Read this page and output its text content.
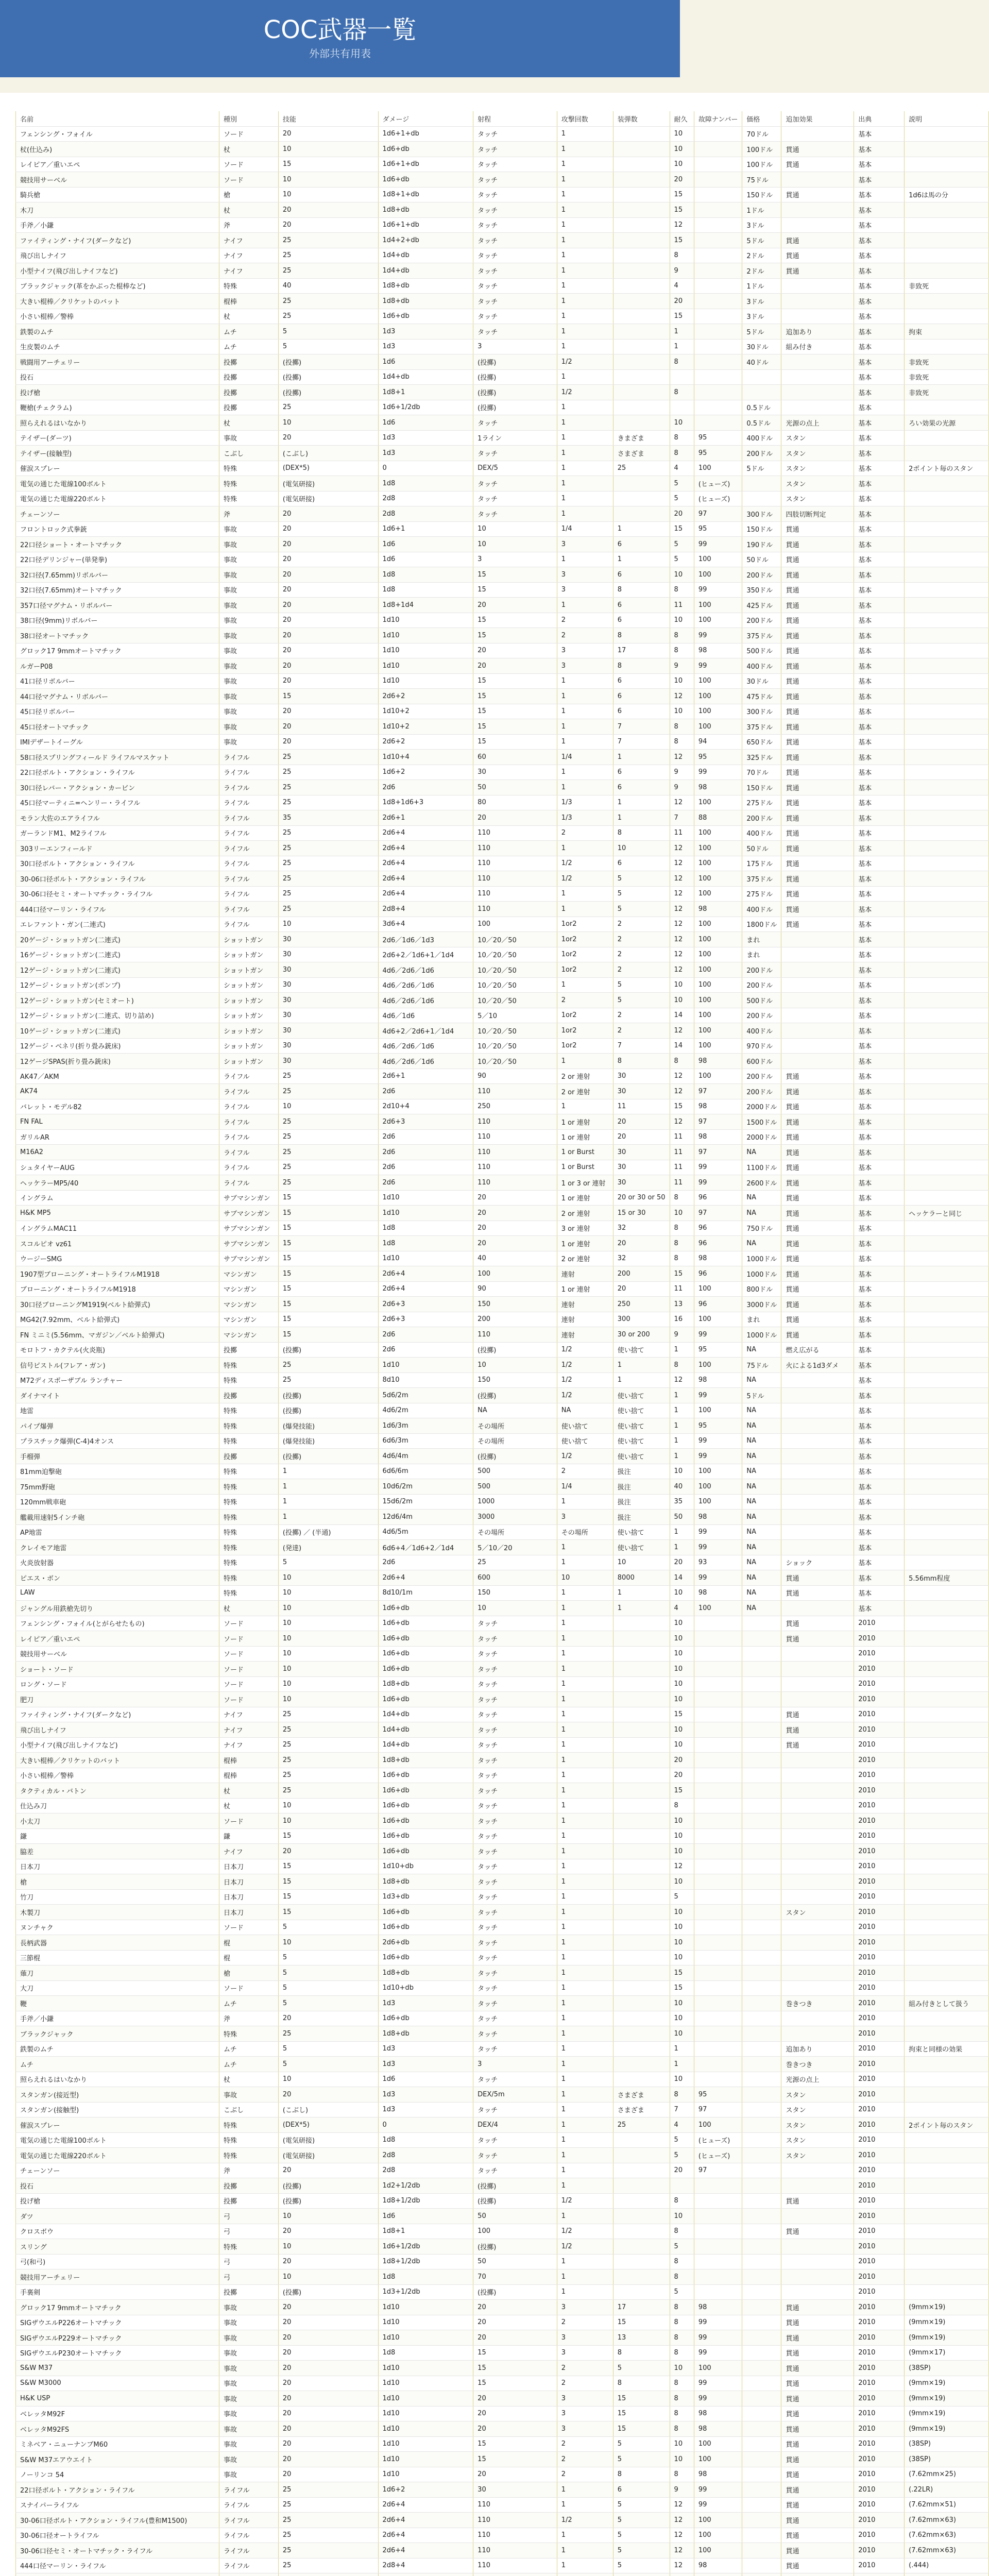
COC武器一覧
外部共有用表
名前	種別	技能	ダメージ	射程	攻撃回数	装弾数	耐久	故障ナンバー	価格	追加効果	出典	説明
フェンシング・フォイル	ソード	20	1d6+1+db	タッチ	1		10		70ドル		基本	
杖(仕込み)	杖	10	1d6+db	タッチ	1		10		100ドル	貫通	基本	
レイピア／重いエペ	ソード	15	1d6+1+db	タッチ	1		10		100ドル	貫通	基本	
競技用サーベル	ソード	10	1d6+db	タッチ	1		20		75ドル		基本	
騎兵槍	槍	10	1d8+1+db	タッチ	1		15		150ドル	貫通	基本	1d6は馬の分
木刀	杖	20	1d8+db	タッチ	1		15		1ドル		基本	
手斧／小鎌	斧	20	1d6+1+db	タッチ	1		12		3ドル		基本	
ファイティング・ナイフ(ダークなど)	ナイフ	25	1d4+2+db	タッチ	1		15		5ドル	貫通	基本	
飛び出しナイフ	ナイフ	25	1d4+db	タッチ	1		8		2ドル	貫通	基本	
小型ナイフ(飛び出しナイフなど)	ナイフ	25	1d4+db	タッチ	1		9		2ドル	貫通	基本	
ブラックジャック(革をかぶった棍棒など)	特殊	40	1d8+db	タッチ	1		4		1ドル		基本	非致死
大きい棍棒／クリケットのバット	棍棒	25	1d8+db	タッチ	1		20		3ドル		基本	
小さい棍棒／警棒	杖	25	1d6+db	タッチ	1		15		3ドル		基本	
鉄製のムチ	ムチ	5	1d3	タッチ	1		1		5ドル	追加あり	基本	拘束
生皮製のムチ	ムチ	5	1d3	3	1		1		30ドル	組み付き	基本	
戦闘用アーチェリー	投擲	(投擲)	1d6	(投擲)	1/2		8		40ドル		基本	非致死
投石	投擲	(投擲)	1d4+db	(投擲)	1						基本	非致死
投げ槍	投擲	(投擲)	1d8+1	(投擲)	1/2		8				基本	非致死
鞭槍(チェクラム)	投擲	25	1d6+1/2db	(投擲)	1				0.5ドル		基本	
照らえれるはいなかり	杖	10	1d6	タッチ	1		10		0.5ドル	光源の点上	基本	ろい効果の光源
テイザー(ダーツ)	事故	20	1d3	1ライン	1	きまざま	8	95	400ドル	スタン	基本	
テイザー(接触型)	こぶし	(こぶし)	1d3	タッチ	1	さまざま	8	95	200ドル	スタン	基本	
催涙スプレー	特殊	(DEX*5)	0	DEX/5	1	25	4	100	5ドル	スタン	基本	2ポイント毎のスタン
電気の通じた電線100ボルト	特殊	(電気研接)	1d8	タッチ	1		5	(ヒューズ)		スタン	基本	
電気の通じた電線220ボルト	特殊	(電気研接)	2d8	タッチ	1		5	(ヒューズ)		スタン	基本	
チェーンソー	斧	20	2d8	タッチ	1		20	97	300ドル	四肢切断判定	基本	
フロントロック式拳銃	事故	20	1d6+1	10	1/4	1	15	95	150ドル	貫通	基本	
22口径ショート・オートマチック	事故	20	1d6	10	3	6	5	99	190ドル	貫通	基本	
22口径デリンジャー(単発拳)	事故	20	1d6	3	1	1	5	100	50ドル	貫通	基本	
32口径(7.65mm)リボルバー	事故	20	1d8	15	3	6	10	100	200ドル	貫通	基本	
32口径(7.65mm)オートマチック	事故	20	1d8	15	3	8	8	99	350ドル	貫通	基本	
357口径マグナム・リボルバー	事故	20	1d8+1d4	20	1	6	11	100	425ドル	貫通	基本	
38口径(9mm)リボルバー	事故	20	1d10	15	2	6	10	100	200ドル	貫通	基本	
38口径オートマチック	事故	20	1d10	15	2	8	8	99	375ドル	貫通	基本	
グロック17 9mmオートマチック	事故	20	1d10	20	3	17	8	98	500ドル	貫通	基本	
ルガーP08	事故	20	1d10	20	3	8	9	99	400ドル	貫通	基本	
41口径リボルバー	事故	20	1d10	15	1	6	10	100	30ドル	貫通	基本	
44口径マグナム・リボルバー	事故	15	2d6+2	15	1	6	12	100	475ドル	貫通	基本	
45口径リボルバー	事故	20	1d10+2	15	1	6	10	100	300ドル	貫通	基本	
45口径オートマチック	事故	20	1d10+2	15	1	7	8	100	375ドル	貫通	基本	
IMIデザートイーグル	事故	20	2d6+2	15	1	7	8	94	650ドル	貫通	基本	
58口径スプリングフィールド ライフルマスケット	ライフル	25	1d10+4	60	1/4	1	12	95	325ドル	貫通	基本	
22口径ボルト・アクション・ライフル	ライフル	25	1d6+2	30	1	6	9	99	70ドル	貫通	基本	
30口径レバー・アクション・カービン	ライフル	25	2d6	50	1	6	9	98	150ドル	貫通	基本	
45口径マーティニ=ヘンリー・ライフル	ライフル	25	1d8+1d6+3	80	1/3	1	12	100	275ドル	貫通	基本	
モラン大佐のエアライフル	ライフル	35	2d6+1	20	1/3	1	7	88	200ドル	貫通	基本	
ガーランドM1、M2ライフル	ライフル	25	2d6+4	110	2	8	11	100	400ドル	貫通	基本	
303リーエンフィールド	ライフル	25	2d6+4	110	1	10	12	100	50ドル	貫通	基本	
30口径ボルト・アクション・ライフル	ライフル	25	2d6+4	110	1/2	6	12	100	175ドル	貫通	基本	
30-06口径ボルト・アクション・ライフル	ライフル	25	2d6+4	110	1/2	5	12	100	375ドル	貫通	基本	
30-06口径セミ・オートマチック・ライフル	ライフル	25	2d6+4	110	1	5	12	100	275ドル	貫通	基本	
444口径マーリン・ライフル	ライフル	25	2d8+4	110	1	5	12	98	400ドル	貫通	基本	
エレファント・ガン(二連式)	ライフル	10	3d6+4	100	1or2	2	12	100	1800ドル	貫通	基本	
20ゲージ・ショットガン(二連式)	ショットガン	30	2d6／1d6／1d3	10／20／50	1or2	2	12	100	まれ		基本	
16ゲージ・ショットガン(二連式)	ショットガン	30	2d6+2／1d6+1／1d4	10／20／50	1or2	2	12	100	まれ		基本	
12ゲージ・ショットガン(二連式)	ショットガン	30	4d6／2d6／1d6	10／20／50	1or2	2	12	100	200ドル		基本	
12ゲージ・ショットガン(ポンプ)	ショットガン	30	4d6／2d6／1d6	10／20／50	1	5	10	100	200ドル		基本	
12ゲージ・ショットガン(セミオート)	ショットガン	30	4d6／2d6／1d6	10／20／50	2	5	10	100	500ドル		基本	
12ゲージ・ショットガン(二連式、切り詰め)	ショットガン	30	4d6／1d6	5／10	1or2	2	14	100	200ドル		基本	
10ゲージ・ショットガン(二連式)	ショットガン	30	4d6+2／2d6+1／1d4	10／20／50	1or2	2	12	100	400ドル		基本	
12ゲージ・ベネリ(折り畳み銃床)	ショットガン	30	4d6／2d6／1d6	10／20／50	1or2	7	14	100	970ドル		基本	
12ゲージSPAS(折り畳み銃床)	ショットガン	30	4d6／2d6／1d6	10／20／50	1	8	8	98	600ドル		基本	
AK47／AKM	ライフル	25	2d6+1	90	2 or 連射	30	12	100	200ドル	貫通	基本	
AK74	ライフル	25	2d6	110	2 or 連射	30	12	97	200ドル	貫通	基本	
バレット・モデル82	ライフル	10	2d10+4	250	1	11	15	98	2000ドル	貫通	基本	
FN FAL	ライフル	25	2d6+3	110	1 or 連射	20	12	97	1500ドル	貫通	基本	
ガリルAR	ライフル	25	2d6	110	1 or 連射	20	11	98	2000ドル	貫通	基本	
M16A2	ライフル	25	2d6	110	1 or Burst	30	11	97	NA	貫通	基本	
シュタイヤーAUG	ライフル	25	2d6	110	1 or Burst	30	11	99	1100ドル	貫通	基本	
ヘッケラーMP5/40	ライフル	25	2d6	110	1 or 3 or 連射	30	11	99	2600ドル	貫通	基本	
イングラム	サブマシンガン	15	1d10	20	1 or 連射	20 or 30 or 50	8	96	NA	貫通	基本	
H&K MP5	サブマシンガン	15	1d10	20	2 or 連射	15 or 30	10	97	NA	貫通	基本	ヘッケラーと同じ
イングラムMAC11	サブマシンガン	15	1d8	20	3 or 連射	32	8	96	750ドル	貫通	基本	
スコルピオ vz61	サブマシンガン	15	1d8	20	1 or 連射	20	8	96	NA	貫通	基本	
ウージーSMG	サブマシンガン	15	1d10	40	2 or 連射	32	8	98	1000ドル	貫通	基本	
1907型ブローニング・オートライフルM1918	マシンガン	15	2d6+4	100	連射	200	15	96	1000ドル	貫通	基本	
ブローニング・オートライフルM1918	マシンガン	15	2d6+4	90	1 or 連射	20	11	100	800ドル	貫通	基本	
30口径ブローニングM1919(ベルト給弾式)	マシンガン	15	2d6+3	150	連射	250	13	96	3000ドル	貫通	基本	
MG42(7.92mm、ベルト給弾式)	マシンガン	15	2d6+3	200	連射	300	16	100	まれ	貫通	基本	
FN ミニミ(5.56mm、マガジン／ベルト給弾式)	マシンガン	15	2d6	110	連射	30 or 200	9	99	1000ドル	貫通	基本	
モロトフ・カクテル(火炎瓶)	投擲	(投擲)	2d6	(投擲)	1/2	使い捨て	1	95	NA	燃え広がる	基本	
信号ピストル(フレア・ガン)	特殊	25	1d10	10	1/2	1	8	100	75ドル	火による1d3ダメ	基本	
M72ディスポーザブル ランチャー	特殊	25	8d10	150	1/2	1	12	98	NA		基本	
ダイナマイト	投擲	(投擲)	5d6/2m	(投擲)	1/2	使い捨て	1	99	5ドル		基本	
地雷	特殊	(投擲)	4d6/2m	NA	NA	使い捨て	1	100	NA		基本	
パイプ爆弾	特殊	(爆発技能)	1d6/3m	その場所	使い捨て	使い捨て	1	95	NA		基本	
プラスチック爆弾(C-4)4オンス	特殊	(爆発技能)	6d6/3m	その場所	使い捨て	使い捨て	1	99	NA		基本	
手榴弾	投擲	(投擲)	4d6/4m	(投擲)	1/2	使い捨て	1	99	NA		基本	
81mm迫撃砲	特殊	1	6d6/6m	500	2	扱注	10	100	NA		基本	
75mm野砲	特殊	1	10d6/2m	500	1/4	扱注	40	100	NA		基本	
120mm戦車砲	特殊	1	15d6/2m	1000	1	扱注	35	100	NA		基本	
艦載用速射5インチ砲	特殊	1	12d6/4m	3000	3	扱注	50	98	NA		基本	
AP地雷	特殊	(投擲) ／ (半通)	4d6/5m	その場所	その場所	使い捨て	1	99	NA		基本	
クレイモア地雷	特殊	(発達)	6d6+4／1d6+2／1d4	5／10／20	1	使い捨て	1	99	NA		基本	
火炎放射器	特殊	5	2d6	25	1	10	20	93	NA	ショック	基本	
ピエス・ボン	特殊	10	2d6+4	600	10	8000	14	99	NA	貫通	基本	5.56mm程度
LAW	特殊	10	8d10/1m	150	1	1	10	98	NA	貫通	基本	
ジャングル用鉄槍先切り	杖	10	1d6+db	10	1	1	4	100	NA		基本	
フェンシング・フォイル(とがらせたもの)	ソード	10	1d6+db	タッチ	1		10			貫通	2010	
レイピア／重いエペ	ソード	10	1d6+db	タッチ	1		10			貫通	2010	
競技用サーベル	ソード	10	1d6+db	タッチ	1		10				2010	
ショート・ソード	ソード	10	1d6+db	タッチ	1		10				2010	
ロング・ソード	ソード	10	1d8+db	タッチ	1		10				2010	
肥刀	ソード	10	1d6+db	タッチ	1		10				2010	
ファイティング・ナイフ(ダークなど)	ナイフ	25	1d4+db	タッチ	1		15			貫通	2010	
飛び出しナイフ	ナイフ	25	1d4+db	タッチ	1		10			貫通	2010	
小型ナイフ(飛び出しナイフなど)	ナイフ	25	1d4+db	タッチ	1		10			貫通	2010	
大きい棍棒／クリケットのバット	棍棒	25	1d8+db	タッチ	1		20				2010	
小さい棍棒／警棒	棍棒	25	1d6+db	タッチ	1		20				2010	
タクティカル・バトン	杖	25	1d6+db	タッチ	1		15				2010	
仕込み刀	杖	10	1d6+db	タッチ	1		8				2010	
小太刀	ソード	10	1d6+db	タッチ	1		10				2010	
鎌	鎌	15	1d6+db	タッチ	1		10				2010	
脇差	ナイフ	20	1d6+db	タッチ	1		10				2010	
日本刀	日本刀	15	1d10+db	タッチ	1		12				2010	
槍	日本刀	15	1d8+db	タッチ	1		10				2010	
竹刀	日本刀	15	1d3+db	タッチ	1		5				2010	
木製刀	日本刀	15	1d6+db	タッチ	1		10			スタン	2010	
ヌンチャク	ソード	5	1d6+db	タッチ	1		10				2010	
長柄武器	棍	10	2d6+db	タッチ	1		10				2010	
三節棍	棍	5	1d6+db	タッチ	1		10				2010	
薙刀	槍	5	1d8+db	タッチ	1		15				2010	
大刀	ソード	5	1d10+db	タッチ	1		15				2010	
鞭	ムチ	5	1d3	タッチ	1		10			巻きつき	2010	組み付きとして扱う
手斧／小鎌	斧	20	1d6+db	タッチ	1		10				2010	
ブラックジャック	特殊	25	1d8+db	タッチ	1		10				2010	
鉄製のムチ	ムチ	5	1d3	タッチ	1		1			追加あり	2010	拘束と同様の効果
ムチ	ムチ	5	1d3	3	1		1			巻きつき	2010	
照らえれるはいなかり	杖	10	1d6	タッチ	1		10			光源の点上	2010	
スタンガン(接近型)	事故	20	1d3	DEX/5m	1	さまざま	8	95		スタン	2010	
スタンガン(接触型)	こぶし	(こぶし)	1d3	タッチ	1	さまざま	7	97		スタン	2010	
催涙スプレー	特殊	(DEX*5)	0	DEX/4	1	25	4	100		スタン	2010	2ポイント毎のスタン
電気の通じた電線100ボルト	特殊	(電気研接)	1d8	タッチ	1		5	(ヒューズ)		スタン	2010	
電気の通じた電線220ボルト	特殊	(電気研接)	2d8	タッチ	1		5	(ヒューズ)		スタン	2010	
チェーンソー	斧	20	2d8	タッチ	1		20	97			2010	
投石	投擲	(投擲)	1d2+1/2db	(投擲)	1						2010	
投げ槍	投擲	(投擲)	1d8+1/2db	(投擲)	1/2		8			貫通	2010	
ダツ	弓	10	1d6	50	1		10				2010	
クロスボウ	弓	20	1d8+1	100	1/2		8			貫通	2010	
スリング	特殊	10	1d6+1/2db	(投擲)	1/2		5				2010	
弓(和弓)	弓	20	1d8+1/2db	50	1		8				2010	
競技用アーチェリー	弓	10	1d8	70	1		8				2010	
手裏剣	投擲	(投擲)	1d3+1/2db	(投擲)	1		5				2010	
グロック17 9mmオートマチック	事故	20	1d10	20	3	17	8	98		貫通	2010	(9mm×19)
SIGザウエルP226オートマチック	事故	20	1d10	20	2	15	8	99		貫通	2010	(9mm×19)
SIGザウエルP229オートマチック	事故	20	1d10	20	3	13	8	99		貫通	2010	(9mm×19)
SIGザウエルP230オートマチック	事故	20	1d8	15	3	8	8	99		貫通	2010	(9mm×17)
S&W M37	事故	20	1d10	15	2	5	10	100		貫通	2010	(38SP)
S&W M3000	事故	20	1d10	15	2	8	8	99		貫通	2010	(9mm×19)
H&K USP	事故	20	1d10	20	3	15	8	99		貫通	2010	(9mm×19)
ベレッタM92F	事故	20	1d10	20	3	15	8	98		貫通	2010	(9mm×19)
ベレッタM92FS	事故	20	1d10	20	3	15	8	98		貫通	2010	(9mm×19)
ミネベア・ニューナンブM60	事故	20	1d10	15	2	5	10	100		貫通	2010	(38SP)
S&W M37エアウエイト	事故	20	1d10	15	2	5	10	100		貫通	2010	(38SP)
ノーリンコ 54	事故	20	1d10	20	2	8	8	98		貫通	2010	(7.62mm×25)
22口径ボルト・アクション・ライフル	ライフル	25	1d6+2	30	1	6	9	99		貫通	2010	(.22LR)
スナイパーライフル	ライフル	25	2d6+4	110	1	5	12	99		貫通	2010	(7.62mm×51)
30-06口径ボルト・アクション・ライフル(豊和M1500)	ライフル	25	2d6+4	110	1/2	5	12	100		貫通	2010	(7.62mm×63)
30-06口径オートライフル	ライフル	25	2d6+4	110	1	5	12	100		貫通	2010	(7.62mm×63)
30-06口径セミ・オートマチック・ライフル	ライフル	25	2d6+4	110	1	5	12	100		貫通	2010	(7.62mm×63)
444口径マーリン・ライフル	ライフル	25	2d8+4	110	1	5	12	98		貫通	2010	(.444)
